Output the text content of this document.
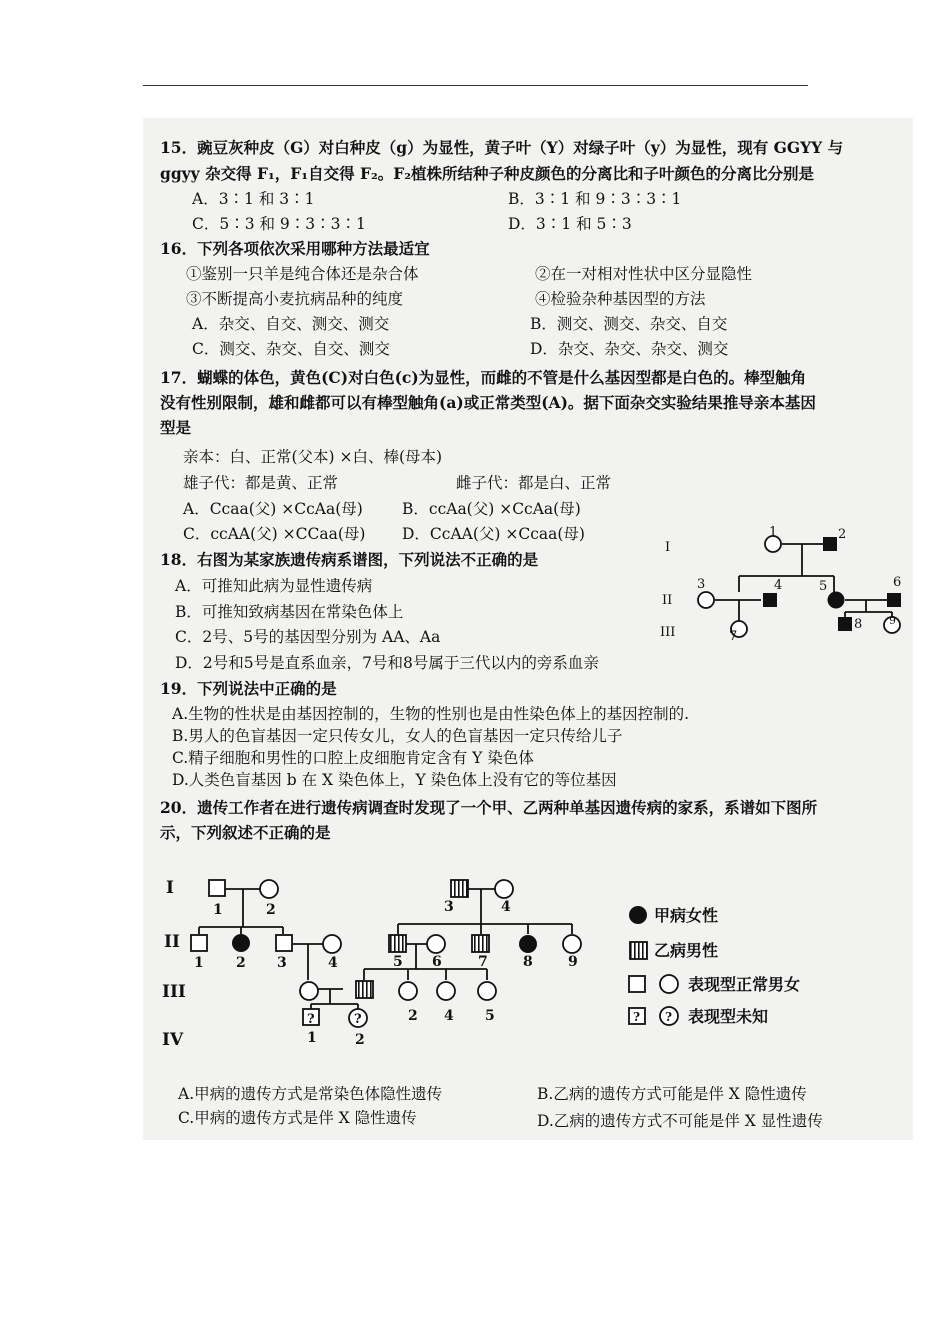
15．豌豆灰种皮（G）对白种皮（g）为显性，黄子叶（Y）对绿子叶（y）为显性，现有 GGYY 与
ggyy 杂交得 F₁，F₁自交得 F₂。F₂植株所结种子种皮颜色的分离比和子叶颜色的分离比分别是
A．3∶1 和 3∶1	B．3∶1 和 9∶3∶3∶1
C．5∶3 和 9∶3∶3∶1	D．3∶1 和 5∶3
16．下列各项依次采用哪种方法最适宜
①鉴别一只羊是纯合体还是杂合体	②在一对相对性状中区分显隐性
③不断提高小麦抗病品种的纯度	④检验杂种基因型的方法
A．杂交、自交、测交、测交	B．测交、测交、杂交、自交
C．测交、杂交、自交、测交	D．杂交、杂交、杂交、测交
17．蝴蝶的体色，黄色(C)对白色(c)为显性，而雌的不管是什么基因型都是白色的。棒型触角
没有性别限制，雄和雌都可以有棒型触角(a)或正常类型(A)。据下面杂交实验结果推导亲本基因
型是
亲本：白、正常(父本) ×白、棒(母本)
雄子代：都是黄、正常	雌子代：都是白、正常
A．Ccaa(父) ×CcAa(母)	B．ccAa(父) ×CcAa(母)
C．ccAA(父) ×CCaa(母) D．CcAA(父) ×Ccaa(母)
18．右图为某家族遗传病系谱图，下列说法不正确的是
A．可推知此病为显性遗传病
B．可推知致病基因在常染色体上
C．2号、5号的基因型分别为 AA、Aa
D．2号和5号是直系血亲，7号和8号属于三代以内的旁系血亲
I
II
III
1	2
3	4	5	6
7
8 9
19．下列说法中正确的是
A.生物的性状是由基因控制的，生物的性别也是由性染色体上的基因控制的.
B.男人的色盲基因一定只传女儿，女人的色盲基因一定只传给儿子
C.精子细胞和男性的口腔上皮细胞肯定含有 Y 染色体
D.人类色盲基因 b 在 X 染色体上，Y 染色体上没有它的等位基因
20．遗传工作者在进行遗传病调查时发现了一个甲、乙两种单基因遗传病的家系，系谱如下图所
示，下列叙述不正确的是
?	?
I
II
III
IV
1	2	3	4
1 2 3	4	5 6	7	8	9
2 4 5
1	2
甲病女性
乙病男性
表现型正常男女
? ? 表现型未知
A.甲病的遗传方式是常染色体隐性遗传	B.乙病的遗传方式可能是伴 X 隐性遗传
C.甲病的遗传方式是伴 X 隐性遗传	D.乙病的遗传方式不可能是伴 X 显性遗传
